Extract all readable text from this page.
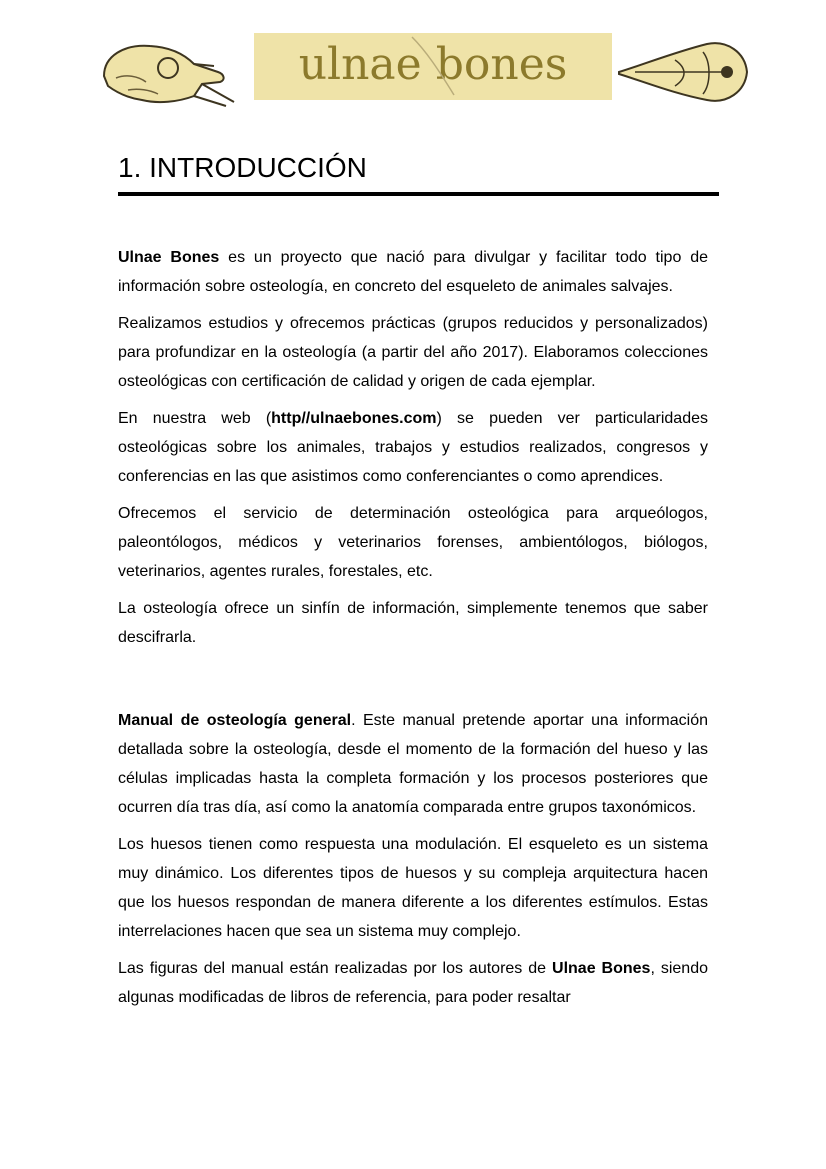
ulnae bones
1. INTRODUCCIÓN

Ulnae Bones es un proyecto que nació para divulgar y facilitar todo tipo de información sobre osteología, en concreto del esqueleto de animales salvajes.

Realizamos estudios y ofrecemos prácticas (grupos reducidos y personalizados) para profundizar en la osteología (a partir del año 2017). Elaboramos colecciones osteológicas con certificación de calidad y origen de cada ejemplar.

En nuestra web (http//ulnaebones.com) se pueden ver particularidades osteológicas sobre los animales, trabajos y estudios realizados, congresos y conferencias en las que asistimos como conferenciantes o como aprendices.

Ofrecemos el servicio de determinación osteológica para arqueólogos, paleontólogos, médicos y veterinarios forenses, ambientólogos, biólogos, veterinarios, agentes rurales, forestales, etc.

La osteología ofrece un sinfín de información, simplemente tenemos que saber descifrarla.

Manual de osteología general. Este manual pretende aportar una información detallada sobre la osteología, desde el momento de la formación del hueso y las células implicadas hasta la completa formación y los procesos posteriores que ocurren día tras día, así como la anatomía comparada entre grupos taxonómicos.

Los huesos tienen como respuesta una modulación. El esqueleto es un sistema muy dinámico. Los diferentes tipos de huesos y su compleja arquitectura hacen que los huesos respondan de manera diferente a los diferentes estímulos. Estas interrelaciones hacen que sea un sistema muy complejo.

Las figuras del manual están realizadas por los autores de Ulnae Bones, siendo algunas modificadas de libros de referencia, para poder resaltar
